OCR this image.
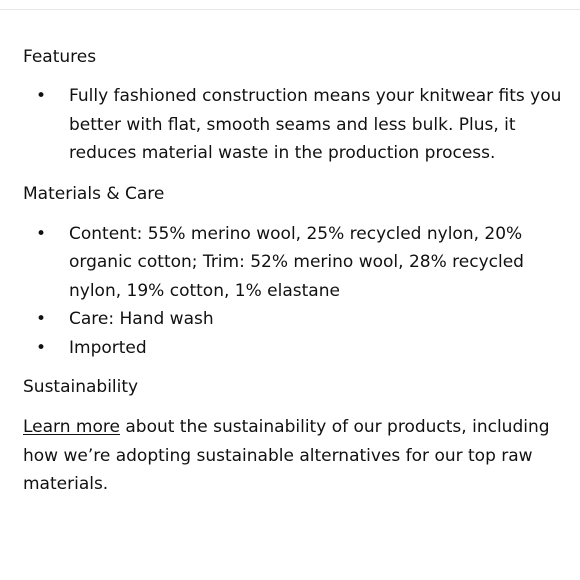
Features
• Fully fashioned construction means your knitwear fits you better with flat, smooth seams and less bulk. Plus, it reduces material waste in the production process.
Materials & Care
• Content: 55% merino wool, 25% recycled nylon, 20% organic cotton; Trim: 52% merino wool, 28% recycled nylon, 19% cotton, 1% elastane
• Care: Hand wash
• Imported
Sustainability

Learn more about the sustainability of our products, including how we’re adopting sustainable alternatives for our top raw materials.
